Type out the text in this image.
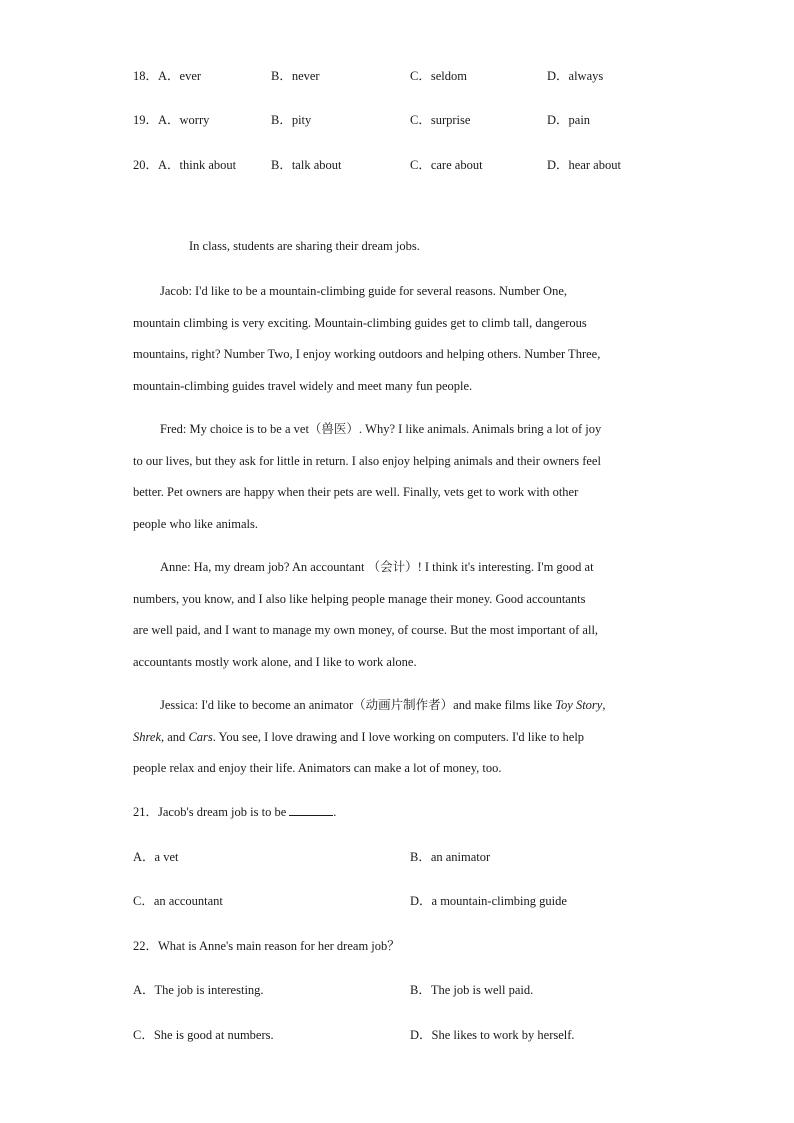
18．A．ever	B．never	C．seldom	D．always
19．A．worry	B．pity	C．surprise	D．pain
20．A．think about	B．talk about	C．care about	D．hear about
In class, students are sharing their dream jobs.
Jacob: I'd like to be a mountain-climbing guide for several reasons. Number One,
mountain climbing is very exciting. Mountain-climbing guides get to climb tall, dangerous
mountains, right? Number Two, I enjoy working outdoors and helping others. Number Three,
mountain-climbing guides travel widely and meet many fun people.
Fred: My choice is to be a vet（兽医）. Why? I like animals. Animals bring a lot of joy
to our lives, but they ask for little in return. I also enjoy helping animals and their owners feel
better. Pet owners are happy when their pets are well. Finally, vets get to work with other
people who like animals.
Anne: Ha, my dream job? An accountant （会计）! I think it's interesting. I'm good at
numbers, you know, and I also like helping people manage their money. Good accountants
are well paid, and I want to manage my own money, of course. But the most important of all,
accountants mostly work alone, and I like to work alone.
Jessica: I'd like to become an animator（动画片制作者）and make films like Toy Story,
Shrek, and Cars. You see, I love drawing and I love working on computers. I'd like to help
people relax and enjoy their life. Animators can make a lot of money, too.
21．Jacob's dream job is to be	.
A．a vet	B．an animator
C．an accountant	D．a mountain-climbing guide
22．What is Anne's main reason for her dream job？
A．The job is interesting.	B．The job is well paid.
C．She is good at numbers.	D．She likes to work by herself.
